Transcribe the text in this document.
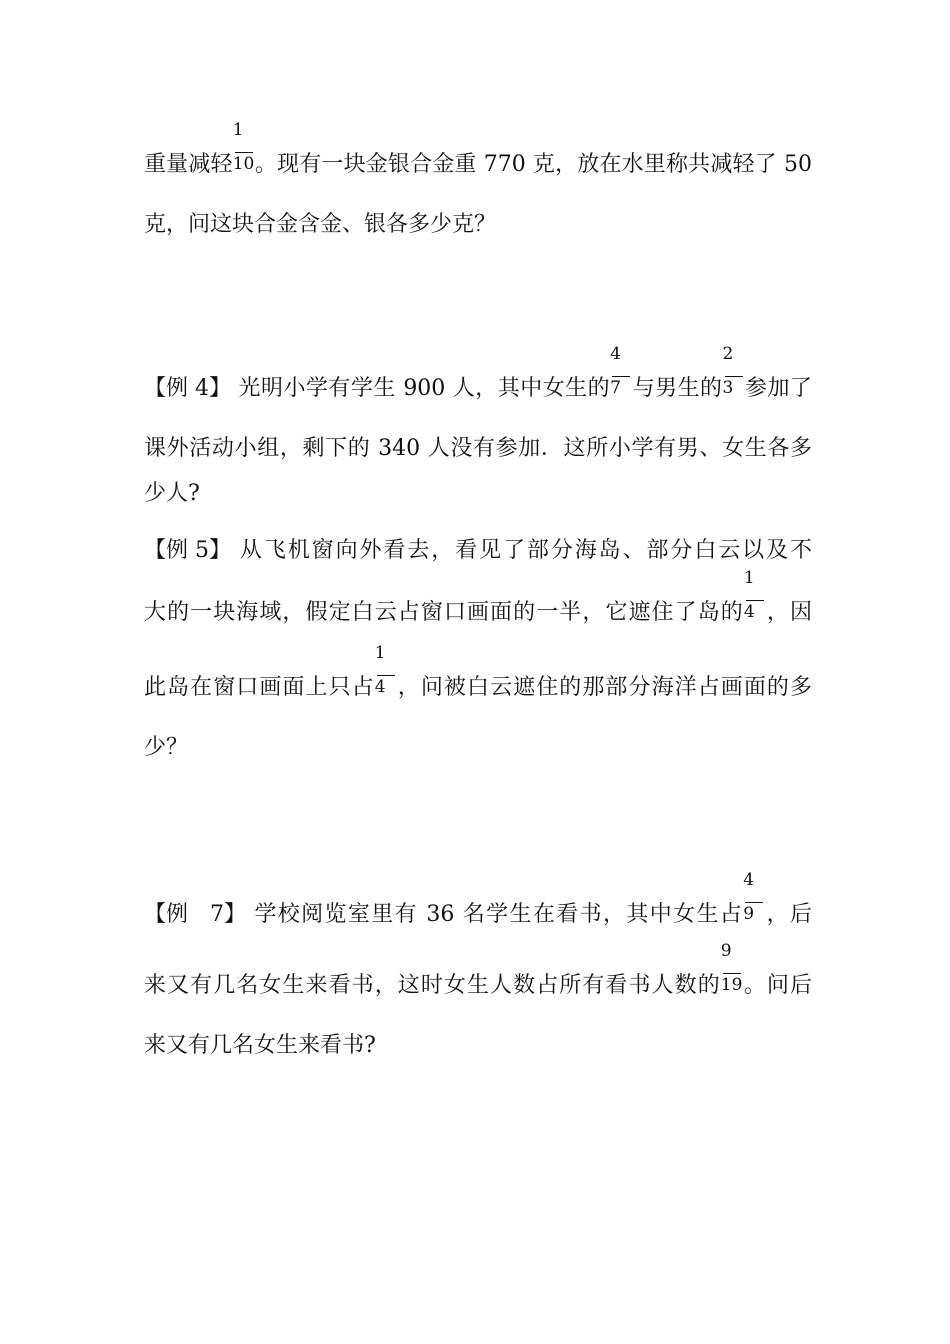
重量减轻 $\frac{1}{10}$ 。现有一块金银合金重 770 克，放在水里称共减轻了 50
克，问这块合金含金、银各多少克？
【例 4】 光明小学有学生 900 人，其中女生的 $\frac{4}{7}$ 与男生的 $\frac{2}{3}$ 参加了
课外活动小组，剩下的 340 人没有参加．这所小学有男、女生各多
少人?
【例 5】 从飞机窗向外看去，看见了部分海岛、部分白云以及不
大的一块海域，假定白云占窗口画面的一半，它遮住了岛的 $\frac{1}{4}$ ，因
此岛在窗口画面上只占 $\frac{1}{4}$ ，问被白云遮住的那部分海洋占画面的多
少？
【例　7】 学校阅览室里有 36 名学生在看书，其中女生占 $\frac{4}{9}$ ，后
来又有几名女生来看书，这时女生人数占所有看书人数的 $\frac{9}{19}$ 。问后
来又有几名女生来看书?
